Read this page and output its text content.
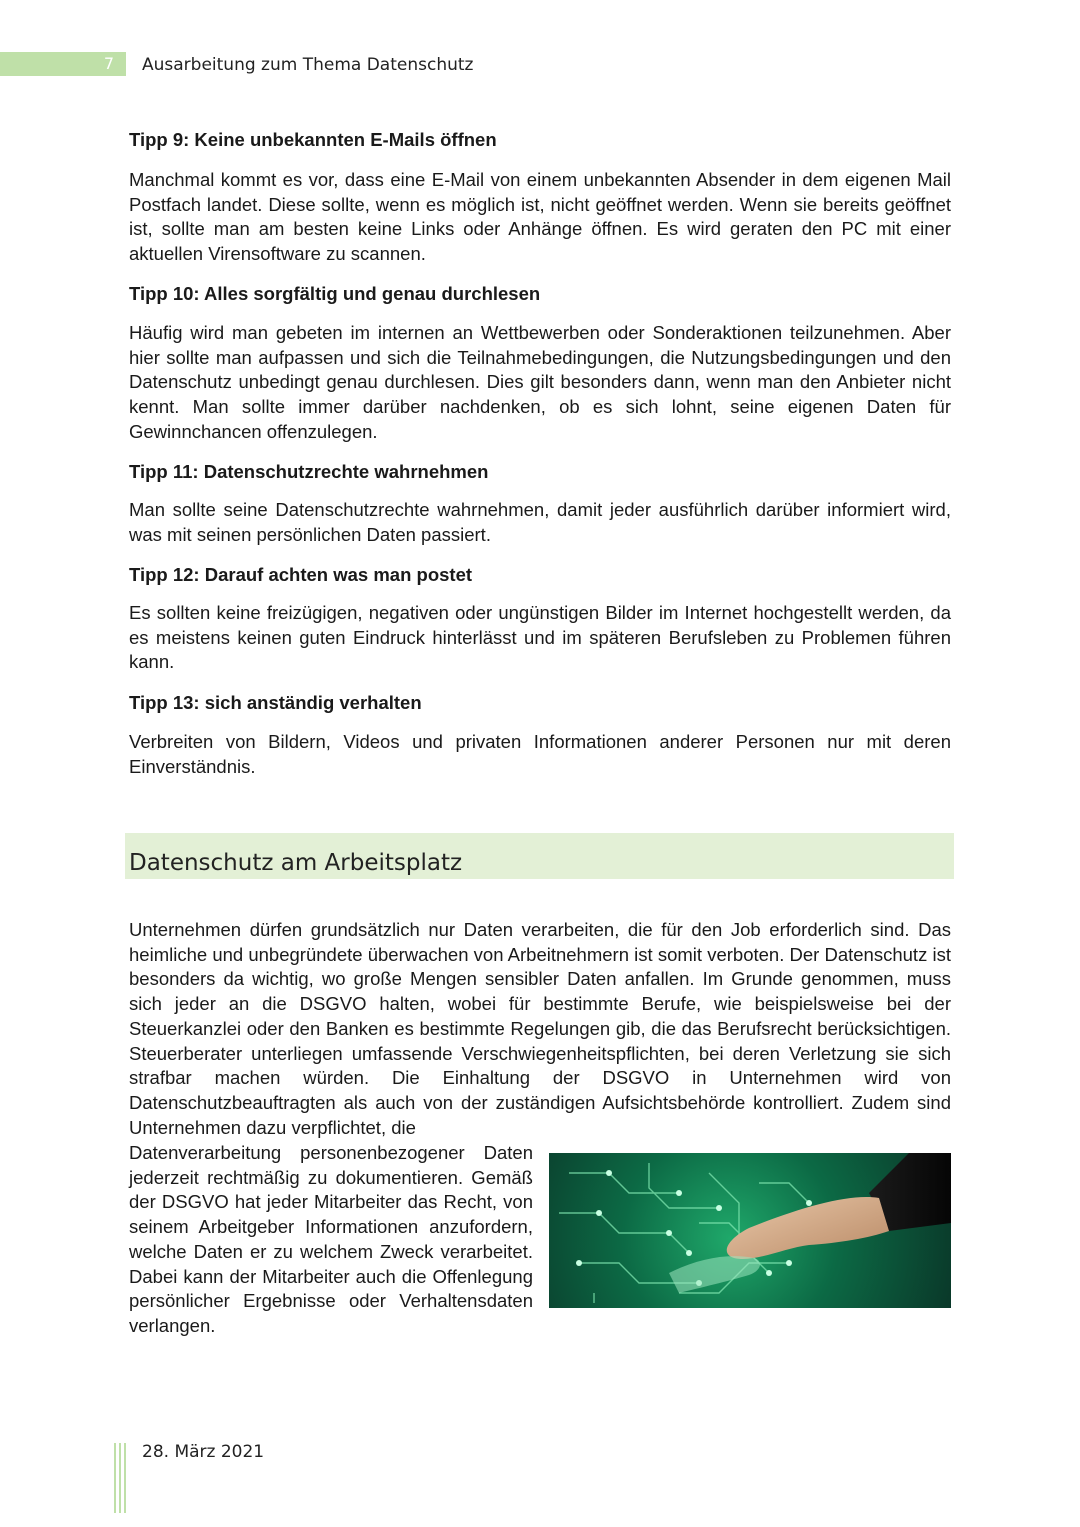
7 Ausarbeitung zum Thema Datenschutz
Tipp 9: Keine unbekannten E-Mails öffnen

Manchmal kommt es vor, dass eine E-Mail von einem unbekannten Absender in dem eigenen Mail Postfach landet. Diese sollte, wenn es möglich ist, nicht geöffnet werden. Wenn sie bereits geöffnet ist, sollte man am besten keine Links oder Anhänge öffnen. Es wird geraten den PC mit einer aktuellen Virensoftware zu scannen.

Tipp 10: Alles sorgfältig und genau durchlesen

Häufig wird man gebeten im internen an Wettbewerben oder Sonderaktionen teilzunehmen. Aber hier sollte man aufpassen und sich die Teilnahmebedingungen, die Nutzungsbedingungen und den Datenschutz unbedingt genau durchlesen. Dies gilt besonders dann, wenn man den Anbieter nicht kennt. Man sollte immer darüber nachdenken, ob es sich lohnt, seine eigenen Daten für Gewinnchancen offenzulegen.

Tipp 11: Datenschutzrechte wahrnehmen

Man sollte seine Datenschutzrechte wahrnehmen, damit jeder ausführlich darüber informiert wird, was mit seinen persönlichen Daten passiert.

Tipp 12: Darauf achten was man postet

Es sollten keine freizügigen, negativen oder ungünstigen Bilder im Internet hochgestellt werden, da es meistens keinen guten Eindruck hinterlässt und im späteren Berufsleben zu Problemen führen kann.

Tipp 13: sich anständig verhalten

Verbreiten von Bildern, Videos und privaten Informationen anderer Personen nur mit deren Einverständnis.

Datenschutz am Arbeitsplatz

Unternehmen dürfen grundsätzlich nur Daten verarbeiten, die für den Job erforderlich sind. Das heimliche und unbegründete überwachen von Arbeitnehmern ist somit verboten. Der Datenschutz ist besonders da wichtig, wo große Mengen sensibler Daten anfallen. Im Grunde genommen, muss sich jeder an die DSGVO halten, wobei für bestimmte Berufe, wie beispielsweise bei der Steuerkanzlei oder den Banken es bestimmte Regelungen gib, die das Berufsrecht berücksichtigen. Steuerberater unterliegen umfassende Verschwiegenheitspflichten, bei deren Verletzung sie sich strafbar machen würden. Die Einhaltung der DSGVO in Unternehmen wird von Datenschutzbeauftragten als auch von der zuständigen Aufsichtsbehörde kontrolliert. Zudem sind Unternehmen dazu verpflichtet, die

Datenverarbeitung personenbezogener Daten jederzeit rechtmäßig zu dokumentieren. Gemäß der DSGVO hat jeder Mitarbeiter das Recht, von seinem Arbeitgeber Informationen anzufordern, welche Daten er zu welchem Zweck verarbeitet. Dabei kann der Mitarbeiter auch die Offenlegung persönlicher Ergebnisse oder Verhaltensdaten verlangen.

28. März 2021
